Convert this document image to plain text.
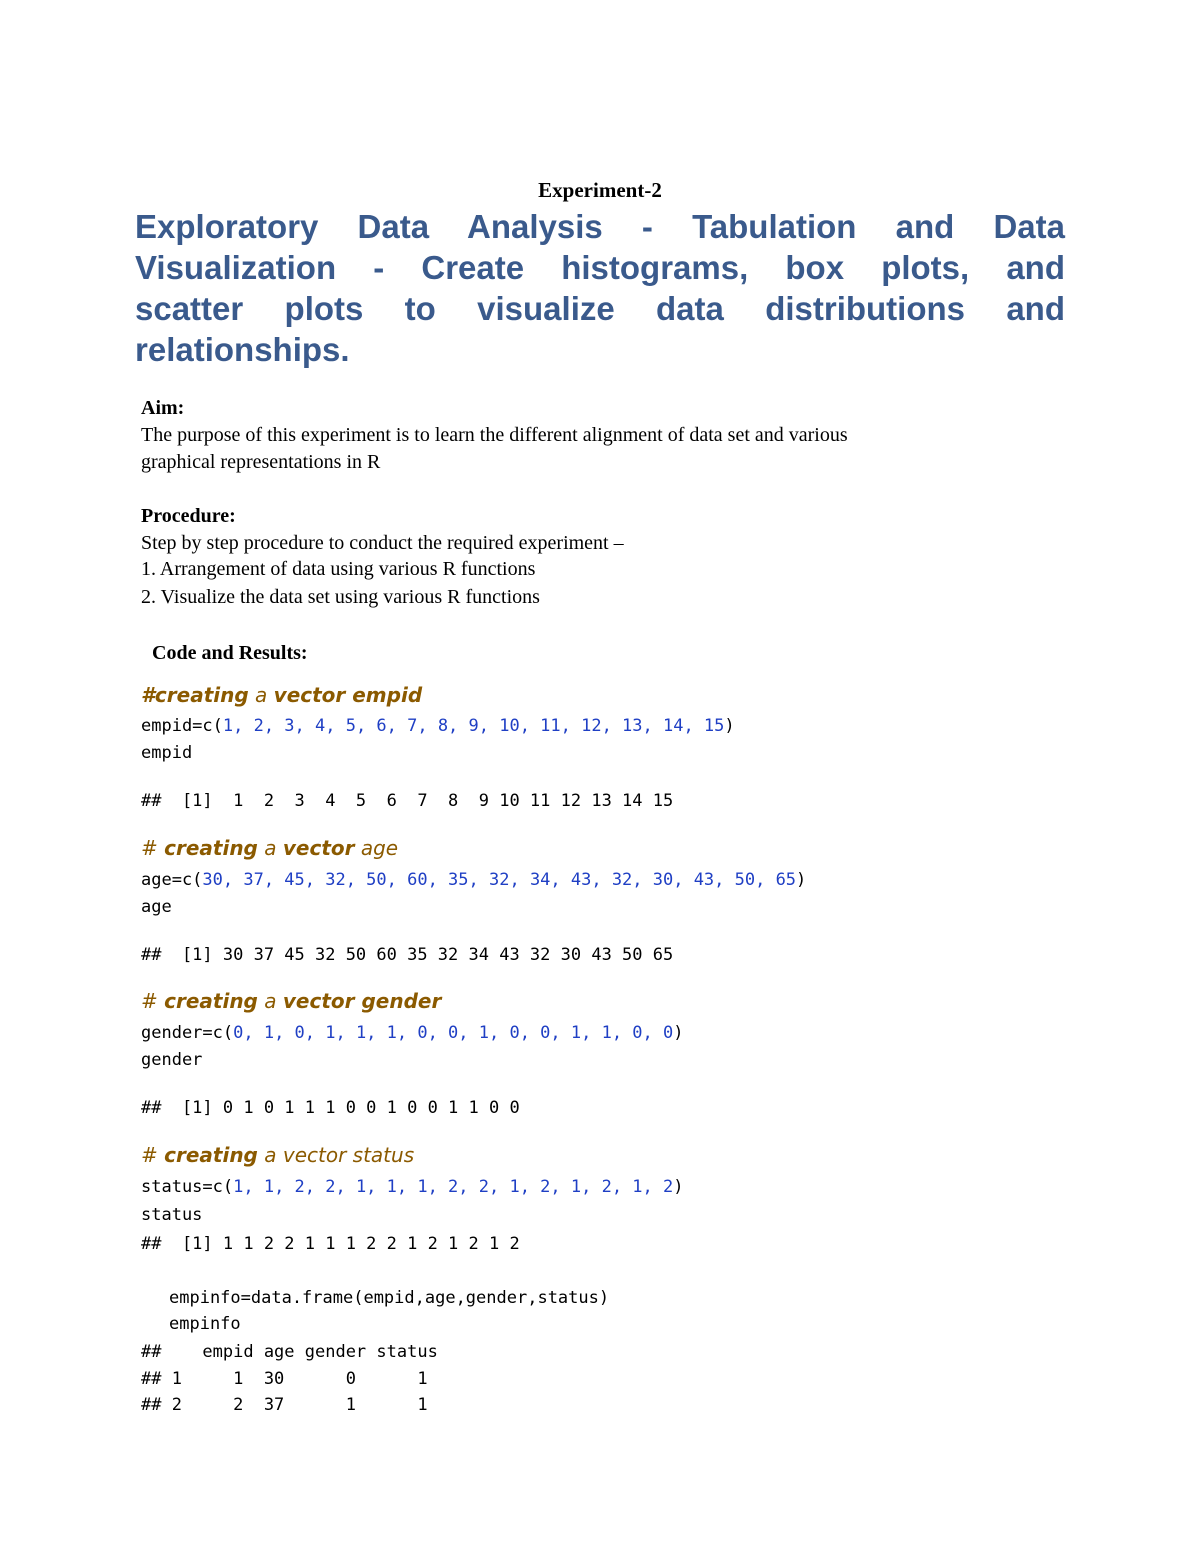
Experiment-2
Exploratory Data Analysis - Tabulation and Data
Visualization - Create histograms, box plots, and
scatter plots to visualize data distributions and
relationships.
Aim:
The purpose of this experiment is to learn the different alignment of data set and various
graphical representations in R
Procedure:
Step by step procedure to conduct the required experiment –
1. Arrangement of data using various R functions
2. Visualize the data set using various R functions
Code and Results:
#creating a vector empid
empid=c(1, 2, 3, 4, 5, 6, 7, 8, 9, 10, 11, 12, 13, 14, 15)
empid
##  [1]  1  2  3  4  5  6  7  8  9 10 11 12 13 14 15
# creating a vector age
age=c(30, 37, 45, 32, 50, 60, 35, 32, 34, 43, 32, 30, 43, 50, 65)
age
##  [1] 30 37 45 32 50 60 35 32 34 43 32 30 43 50 65
# creating a vector gender
gender=c(0, 1, 0, 1, 1, 1, 0, 0, 1, 0, 0, 1, 1, 0, 0)
gender
##  [1] 0 1 0 1 1 1 0 0 1 0 0 1 1 0 0
# creating a vector status
status=c(1, 1, 2, 2, 1, 1, 1, 2, 2, 1, 2, 1, 2, 1, 2)
status
##  [1] 1 1 2 2 1 1 1 2 2 1 2 1 2 1 2
empinfo=data.frame(empid,age,gender,status)
empinfo
##    empid age gender status
## 1     1  30      0      1
## 2     2  37      1      1
